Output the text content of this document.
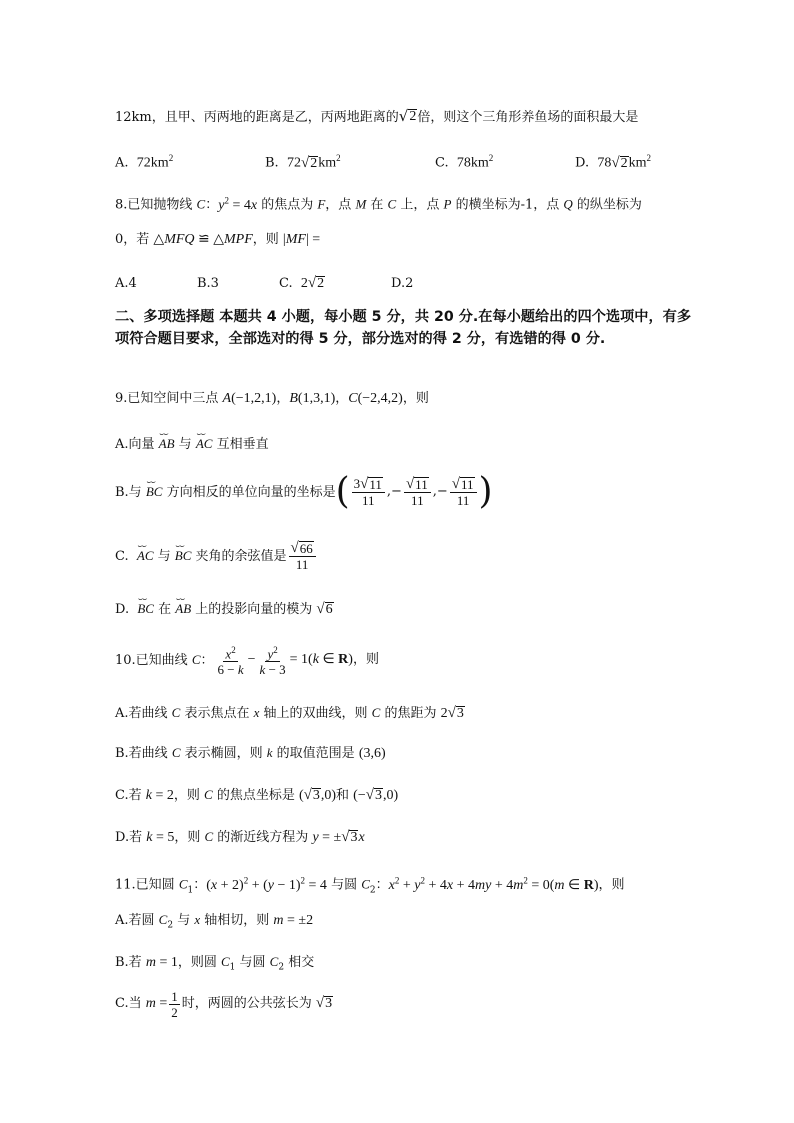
12km，且甲、丙两地的距离是乙，丙两地距离的 √ 2 倍，则这个三角形养鱼场的面积最大是
A.  $72km^2$	B.  $72√2km^2$	C.  $78km^2$	D.  $78√2km^2$
8.已知抛物线 C：$y^2 = 4x$ 的焦点为 F，点 M 在 C 上，点 P 的横坐标为-1，点 Q 的纵坐标为
0，若 △MFQ ≌ △MPF，则 |MF| =
A.4	B.3	C.  2√2	D.2
二、多项选择题 本题共 4 小题，每小题 5 分，共 20 分.在每小题给出的四个选项中，有多项符合题目要求，全部选对的得 5 分，部分选对的得 2 分，有选错的得 0 分.
9.已知空间中三点 A(−1,2,1)，B(1,3,1)，C(−2,4,2)，则
A.向量 ⌣⌣ AB 与 ⌣⌣ AC 互相垂直
B.与 ⌣⌣ BC 方向相反的单位向量的坐标是 ( $\frac{3 √ 11}{11}$ ,− $\frac{√ 11}{11}$ ,− $\frac{√ 11}{11}$ )
C.  ⌣⌣ AC 与 ⌣⌣ BC 夹角的余弦值是 $\frac{√ 66}{11}$
D.  ⌣⌣ BC 在 ⌣⌣ AB 上的投影向量的模为 √ 6
10.已知曲线 C： $\frac{x^2}{6 - k} - \frac{y^2}{k - 3} = 1(k$ ∈ R) ，则
A.若曲线 C 表示焦点在 x 轴上的双曲线，则 C 的焦距为 2 √ 3
B.若曲线 C 表示椭圆，则 k 的取值范围是 (3,6)
C.若 k = 2，则 C 的焦点坐标是 ( √ 3 ,0)和 (− √ 3 ,0)
D.若 k = 5，则 C 的渐近线方程为 y = ± √ 3 x
11.已知圆 $C_1$：$(x + 2)^2 + (y - 1)^2 = 4$ 与圆 $C_2$：$x^2 + y^2 + 4x + 4my + 4m^2 = 0(m$ ∈ R)，则
A.若圆 $C_2$ 与 x 轴相切，则 m = ±2
B.若 m = 1，则圆 $C_1$ 与圆 $C_2$ 相交
C.当 $m = \frac{1}{2}$ 时，两圆的公共弦长为 √ 3
